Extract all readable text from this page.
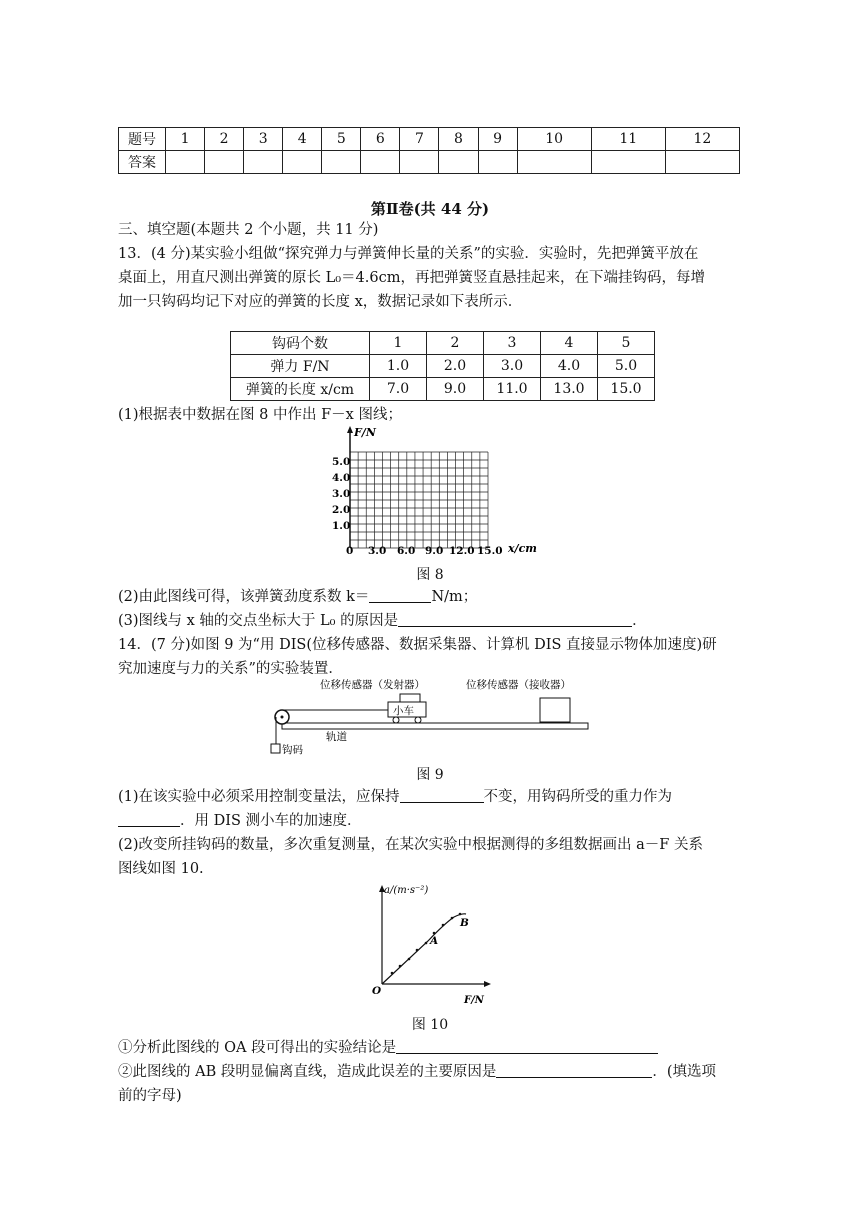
题号	1	2	3	4	5	6	7	8	9	10	11	12
答案												
第Ⅱ卷(共 44 分)
三、填空题(本题共 2 个小题，共 11 分)
13．(4 分)某实验小组做“探究弹力与弹簧伸长量的关系”的实验．实验时，先把弹簧平放在
桌面上，用直尺测出弹簧的原长 L₀＝4.6cm，再把弹簧竖直悬挂起来，在下端挂钩码，每增
加一只钩码均记下对应的弹簧的长度 x，数据记录如下表所示．
钩码个数	1	2	3	4	5
弹力 F/N	1.0	2.0	3.0	4.0	5.0
弹簧的长度 x/cm	7.0	9.0	11.0	13.0	15.0
(1)根据表中数据在图 8 中作出 F－x 图线；
F/N
x/cm
5.0
4.0
3.0
2.0
1.0
0 3.0 6.0 9.0 12.0 15.0
图 8
(2)由此图线可得，该弹簧劲度系数 k＝	N/m；
(3)图线与 x 轴的交点坐标大于 L₀ 的原因是	．
14．(7 分)如图 9 为“用 DIS(位移传感器、数据采集器、计算机 DIS 直接显示物体加速度)研
究加速度与力的关系”的实验装置．
位移传感器（发射器）	位移传感器（接收器）
小车
钩码
轨道
图 9
(1)在该实验中必须采用控制变量法，应保持	不变，用钩码所受的重力作为
．用 DIS 测小车的加速度．
(2)改变所挂钩码的数量，多次重复测量，在某次实验中根据测得的多组数据画出 a－F 关系
图线如图 10.
a/(m·s⁻²)
F/N
O
A
B
图 10
①分析此图线的 OA 段可得出的实验结论是
②此图线的 AB 段明显偏离直线，造成此误差的主要原因是	．(填选项
前的字母)
